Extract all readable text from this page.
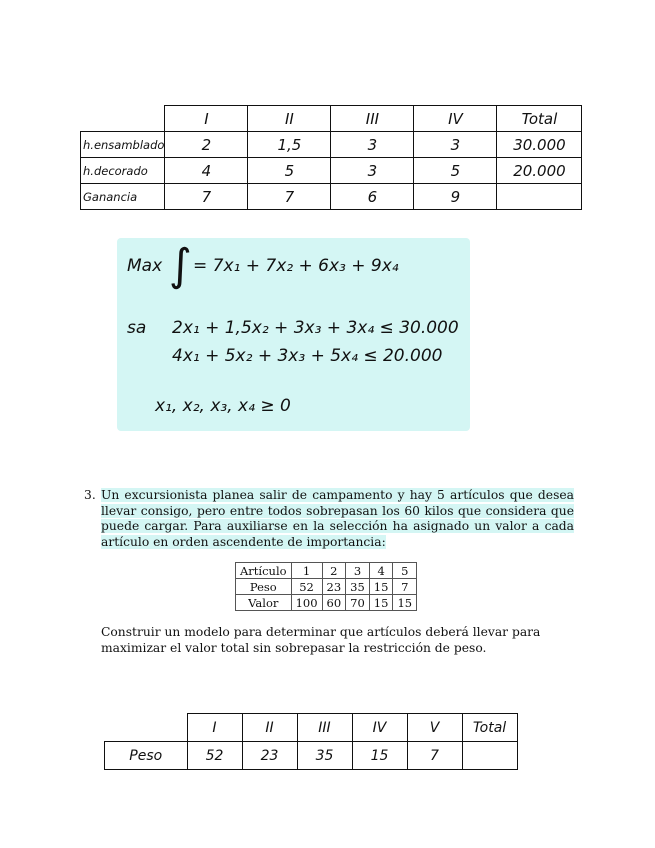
	I	II	III	IV	Total
h.ensamblado	2	1,5	3	3	30.000
h.decorado	4	5	3	5	20.000
Ganancia	7	7	6	9	
Max ∫ = 7x₁ + 7x₂ + 6x₃ + 9x₄
sa 2x₁ + 1,5x₂ + 3x₃ + 3x₄ ≤ 30.000
4x₁ + 5x₂ + 3x₃ + 5x₄ ≤ 20.000
x₁, x₂, x₃, x₄ ≥ 0
3. Un excursionista planea salir de campamento y hay 5 artículos que desea llevar consigo, pero entre todos sobrepasan los 60 kilos que considera que puede cargar. Para auxiliarse en la selección ha asignado un valor a cada artículo en orden ascendente de importancia:
Artículo	1	2	3	4	5
Peso	52	23	35	15	7
Valor	100	60	70	15	15
Construir un modelo para determinar que artículos deberá llevar para maximizar el valor total sin sobrepasar la restricción de peso.
	I	II	III	IV	V	Total
Peso	52	23	35	15	7	
